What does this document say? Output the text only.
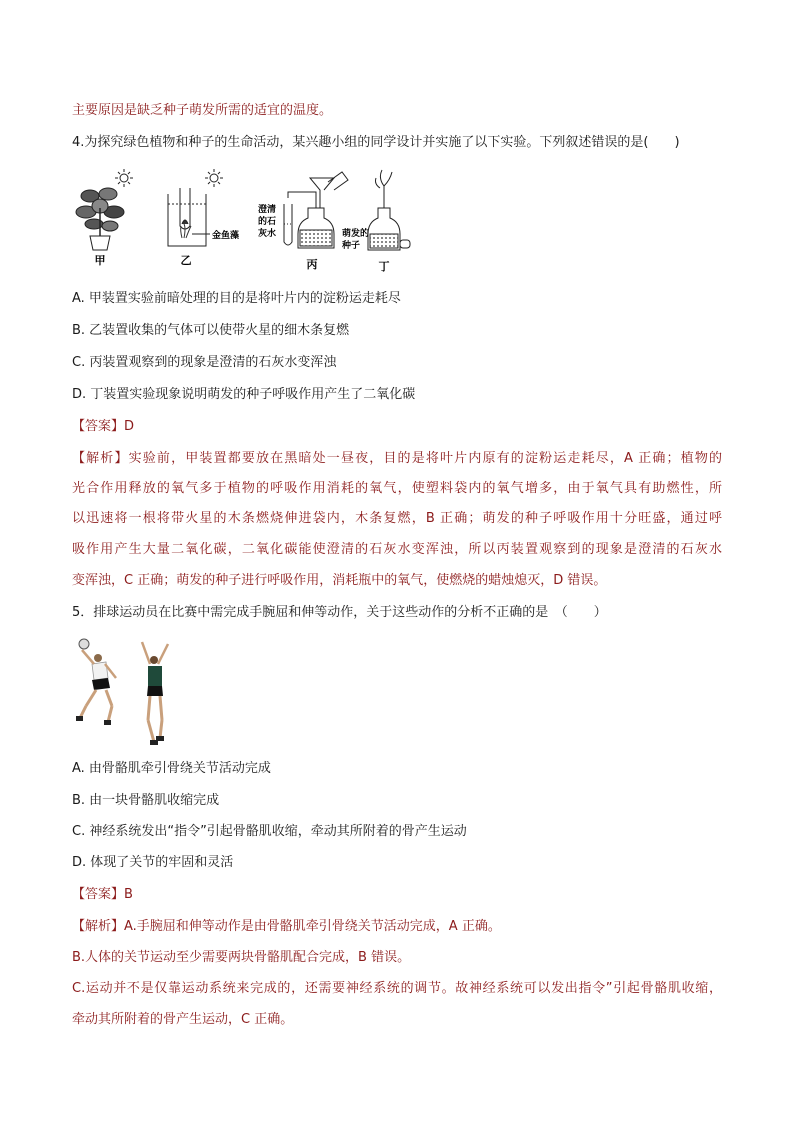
主要原因是缺乏种子萌发所需的适宜的温度。
4.为探究绿色植物和种子的生命活动，某兴趣小组的同学设计并实施了以下实验。下列叙述错误的是(　　)
甲
金鱼藻
乙
澄清
的石
灰水	萌发的
种子
丙	丁
A. 甲装置实验前暗处理的目的是将叶片内的淀粉运走耗尽
B. 乙装置收集的气体可以使带火星的细木条复燃
C. 丙装置观察到的现象是澄清的石灰水变浑浊
D. 丁装置实验现象说明萌发的种子呼吸作用产生了二氧化碳
【答案】D
【解析】实验前，甲装置都要放在黑暗处一昼夜，目的是将叶片内原有的淀粉运走耗尽，A 正确；植物的
光合作用释放的氧气多于植物的呼吸作用消耗的氧气，使塑料袋内的氧气增多，由于氧气具有助燃性，所
以迅速将一根将带火星的木条燃烧伸进袋内，木条复燃，B 正确；萌发的种子呼吸作用十分旺盛，通过呼
吸作用产生大量二氧化碳，二氧化碳能使澄清的石灰水变浑浊，所以丙装置观察到的现象是澄清的石灰水
变浑浊，C 正确；萌发的种子进行呼吸作用，消耗瓶中的氧气，使燃烧的蜡烛熄灭，D 错误。
5．排球运动员在比赛中需完成手腕屈和伸等动作，关于这些动作的分析不正确的是　（　　）
A. 由骨骼肌牵引骨绕关节活动完成
B. 由一块骨骼肌收缩完成
C. 神经系统发出“指令”引起骨骼肌收缩，牵动其所附着的骨产生运动
D. 体现了关节的牢固和灵活
【答案】B
【解析】A.手腕屈和伸等动作是由骨骼肌牵引骨绕关节活动完成，A 正确。
B.人体的关节运动至少需要两块骨骼肌配合完成，B 错误。
C.运动并不是仅靠运动系统来完成的，还需要神经系统的调节。故神经系统可以发出指令”引起骨骼肌收缩，
牵动其所附着的骨产生运动，C 正确。
